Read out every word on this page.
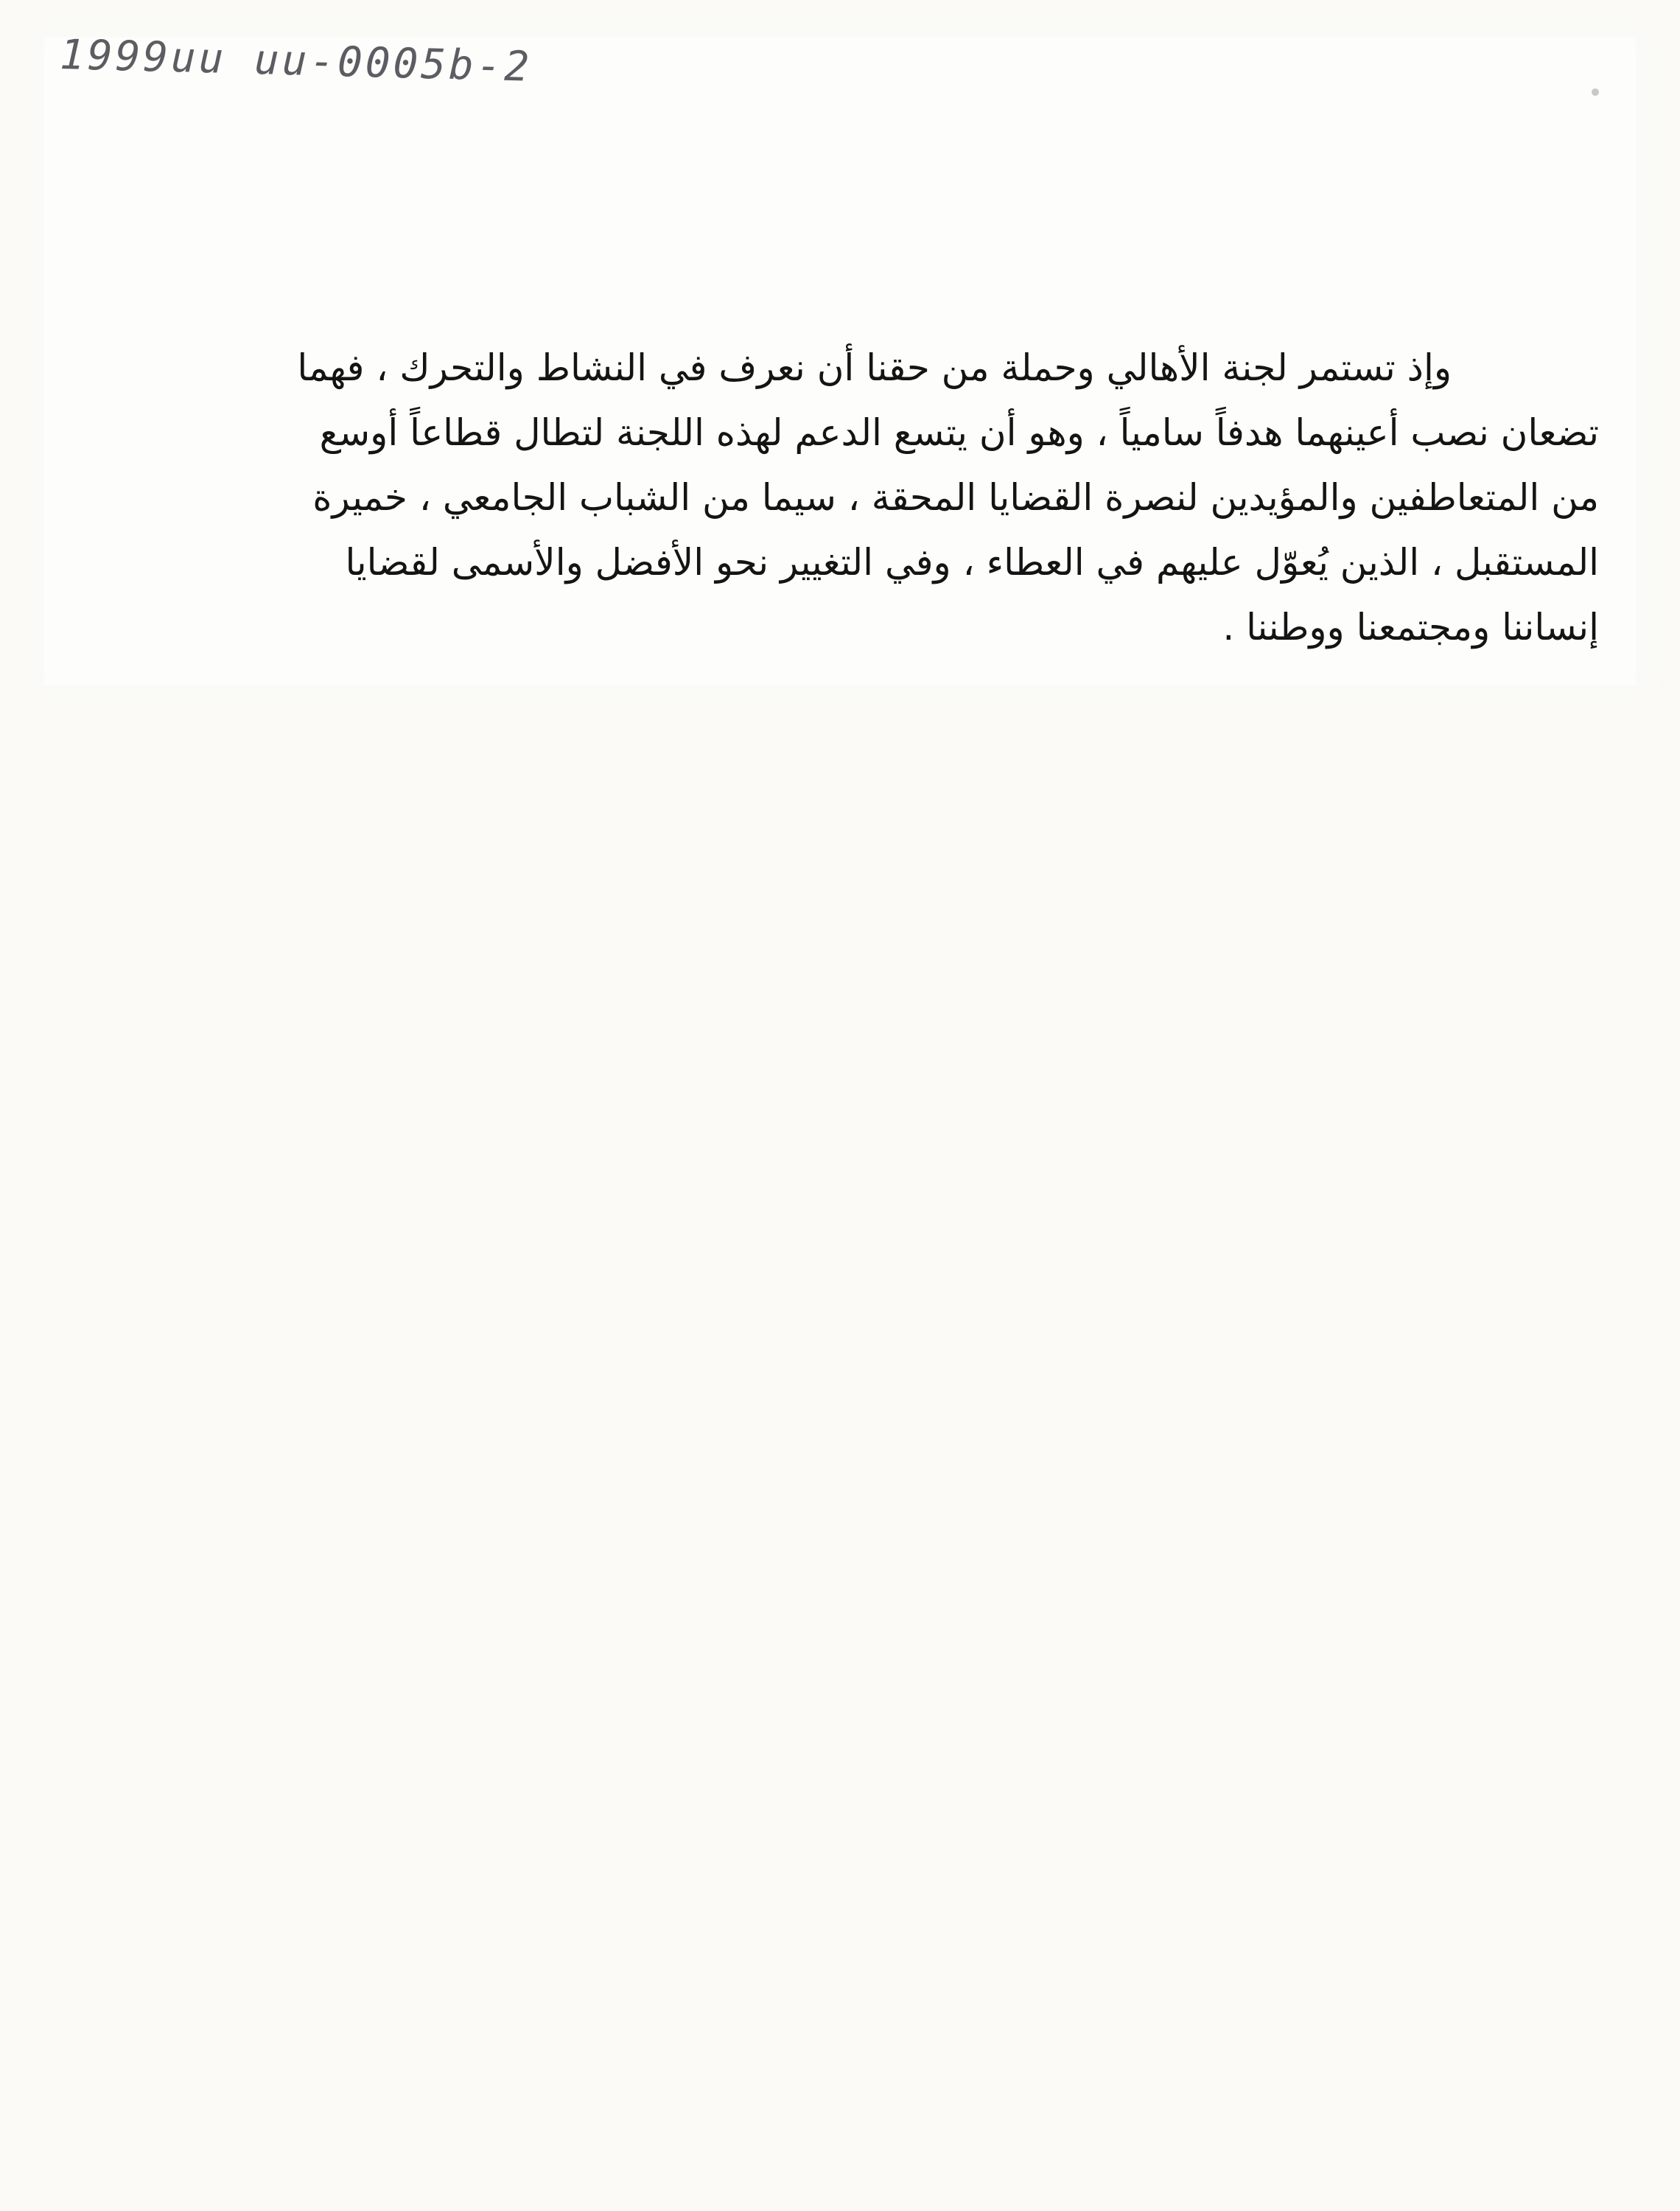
1999uu uu-0005b-2

وإذ تستمر لجنة الأهالي وحملة من حقنا أن نعرف في النشاط والتحرك ، فهما
تضعان نصب أعينهما هدفاً سامياً ، وهو أن يتسع الدعم لهذه اللجنة لتطال قطاعاً أوسع
من المتعاطفين والمؤيدين لنصرة القضايا المحقة ، سيما من الشباب الجامعي ، خميرة
المستقبل ، الذين يُعوّل عليهم في العطاء ، وفي التغيير نحو الأفضل والأسمى لقضايا
إنساننا ومجتمعنا ووطننا .
